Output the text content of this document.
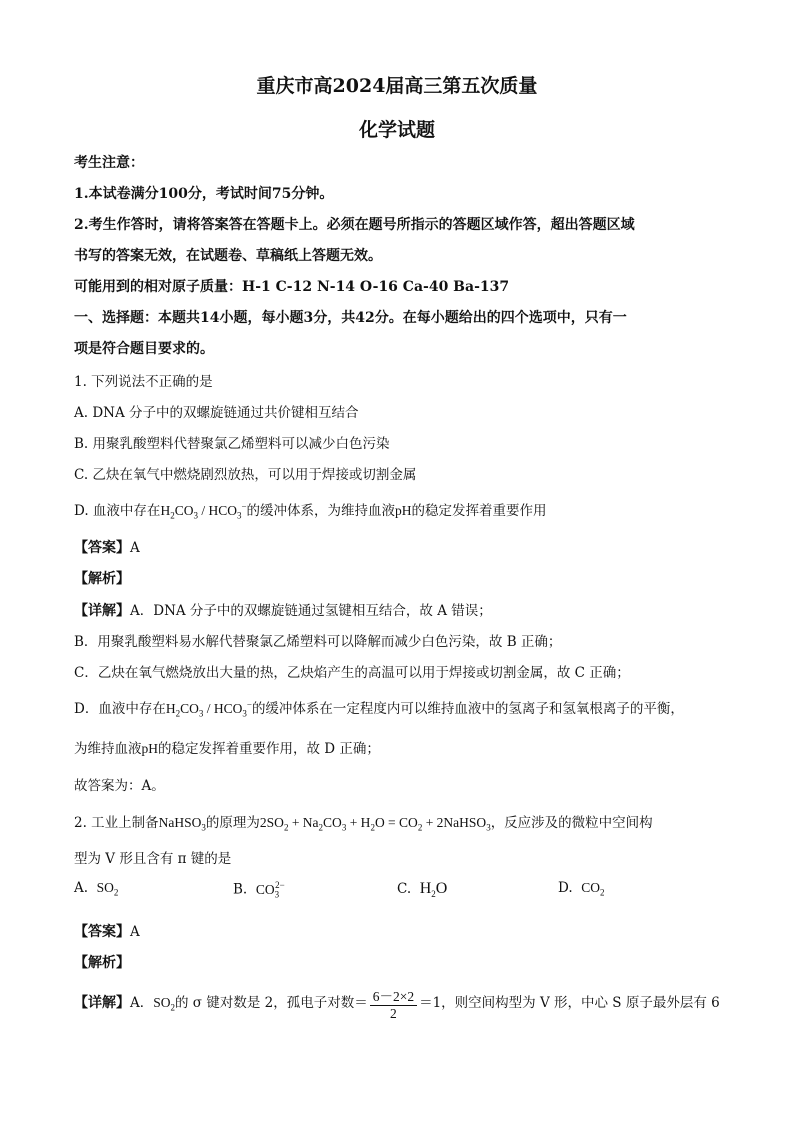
重庆市高2024届高三第五次质量
化学试题
考生注意：
1.本试卷满分100分，考试时间75分钟。
2.考生作答时，请将答案答在答题卡上。必须在题号所指示的答题区域作答，超出答题区域
书写的答案无效，在试题卷、草稿纸上答题无效。
可能用到的相对原子质量：H-1 C-12 N-14 O-16 Ca-40 Ba-137
一、选择题：本题共14小题，每小题3分，共42分。在每小题给出的四个选项中，只有一
项是符合题目要求的。
1. 下列说法不正确的是
A. DNA 分子中的双螺旋链通过共价键相互结合
B. 用聚乳酸塑料代替聚氯乙烯塑料可以减少白色污染
C. 乙炔在氧气中燃烧剧烈放热，可以用于焊接或切割金属
D. 血液中存在$H_2CO_3 / HCO_3^-$的缓冲体系，为维持血液pH的稳定发挥着重要作用
【答案】A
【解析】
【详解】A．DNA 分子中的双螺旋链通过氢键相互结合，故 A 错误；
B．用聚乳酸塑料易水解代替聚氯乙烯塑料可以降解而减少白色污染，故 B 正确；
C．乙炔在氧气燃烧放出大量的热，乙炔焰产生的高温可以用于焊接或切割金属，故 C 正确；
D．血液中存在$H_2CO_3 / HCO_3^-$的缓冲体系在一定程度内可以维持血液中的氢离子和氢氧根离子的平衡，
为维持血液pH的稳定发挥着重要作用，故 D 正确；
故答案为：A。
2. 工业上制备NaHSO$_3$的原理为$2SO_2 + Na_2CO_3 + H_2O = CO_2$ + 2NaHSO$_3$，反应涉及的微粒中空间构
型为 V 形且含有 π 键的是
A. $SO_2$	B. $CO_3^{2-}$	C. $H_2O$	D. $CO_2$
【答案】A
【解析】
【详解】A．$SO_2$的 σ 键对数是 2，孤电子对数＝ $\frac{6-2\times 2}{2} =1$，则空间构型为 V 形，中心 S 原子最外层有 6
